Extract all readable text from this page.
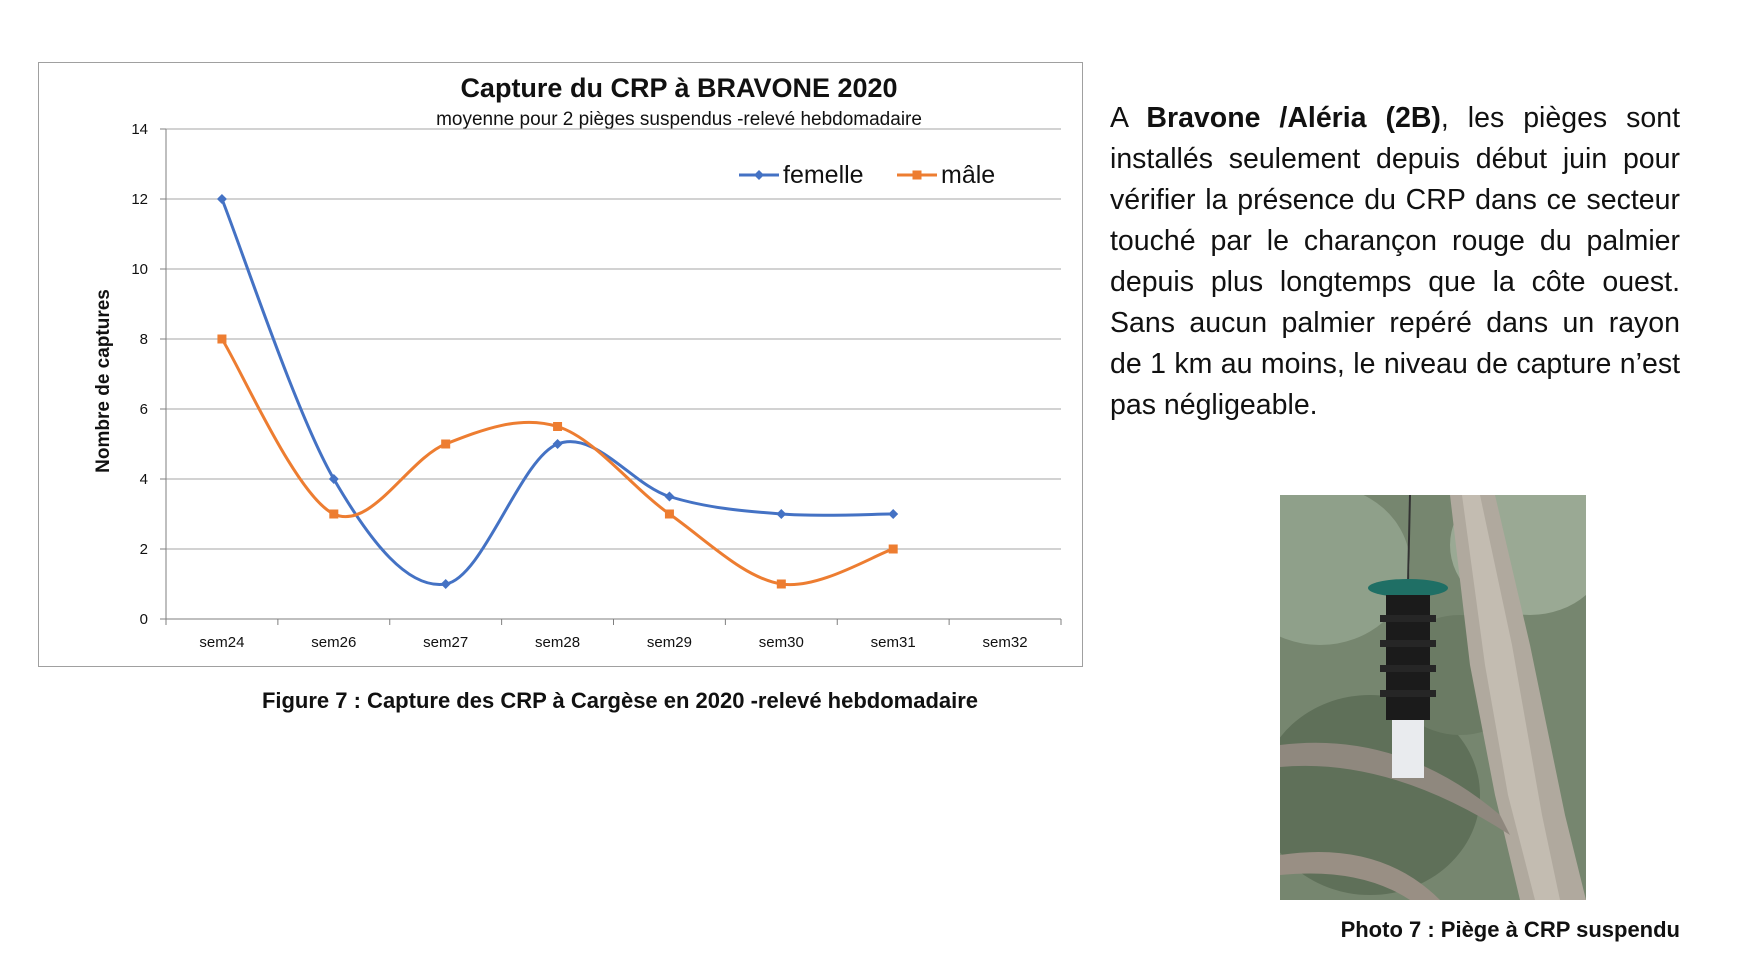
Capture du CRP à BRAVONE 2020
moyenne pour 2 pièges suspendus -relevé hebdomadaire
Nombre de captures
0
2
4
6
8
10
12
14
sem24	sem26	sem27	sem28	sem29	sem30	sem31	sem32
femelle	mâle
Figure 7 : Capture des CRP à Cargèse en 2020 -relevé hebdomadaire
A Bravone /Aléria (2B), les pièges sont installés seulement depuis début juin pour vérifier la présence du CRP dans ce secteur touché par le charançon rouge du palmier depuis plus longtemps que la côte ouest. Sans aucun palmier repéré dans un rayon de 1 km au moins, le niveau de capture n’est pas négligeable.
Photo 7 : Piège à CRP suspendu
